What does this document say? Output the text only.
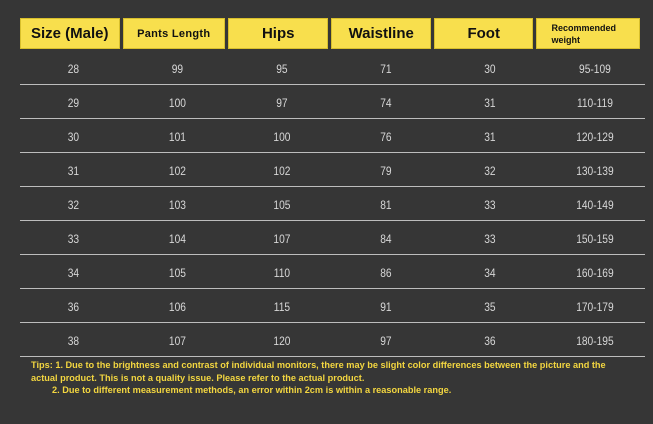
Size (Male)	Pants Length	Hips	Waistline	Foot	Recommended weight
28	99	95	71	30	95-109
29	100	97	74	31	110-119
30	101	100	76	31	120-129
31	102	102	79	32	130-139
32	103	105	81	33	140-149
33	104	107	84	33	150-159
34	105	110	86	34	160-169
36	106	115	91	35	170-179
38	107	120	97	36	180-195
Tips: 1. Due to the brightness and contrast of individual monitors, there may be slight color differences between the picture and the actual product. This is not a quality issue. Please refer to the actual product.
2. Due to different measurement methods, an error within 2cm is within a reasonable range.
